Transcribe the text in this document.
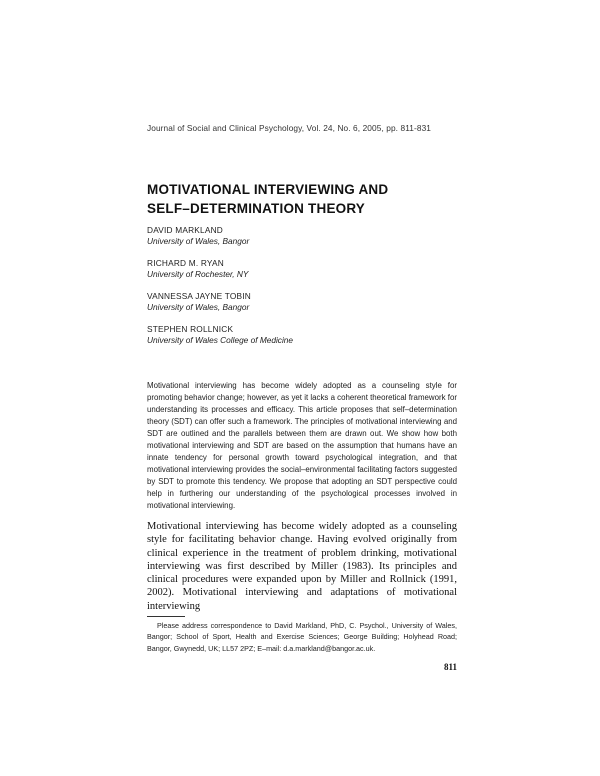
Journal of Social and Clinical Psychology, Vol. 24, No. 6, 2005, pp. 811-831
MOTIVATIONAL INTERVIEWING AND
SELF–DETERMINATION THEORY
DAVID MARKLAND
University of Wales, Bangor
RICHARD M. RYAN
University of Rochester, NY
VANNESSA JAYNE TOBIN
University of Wales, Bangor
STEPHEN ROLLNICK
University of Wales College of Medicine

Motivational interviewing has become widely adopted as a counseling style for promoting behavior change; however, as yet it lacks a coherent theoretical framework for understanding its processes and efficacy. This article proposes that self–determination theory (SDT) can offer such a framework. The principles of motivational interviewing and SDT are outlined and the parallels between them are drawn out. We show how both motivational interviewing and SDT are based on the assumption that humans have an innate tendency for personal growth toward psychological integration, and that motivational interviewing provides the social–environmental facilitating factors suggested by SDT to promote this tendency. We propose that adopting an SDT perspective could help in furthering our understanding of the psychological processes involved in motivational interviewing.

Motivational interviewing has become widely adopted as a counseling style for facilitating behavior change. Having evolved originally from clinical experience in the treatment of problem drinking, motivational interviewing was first described by Miller (1983). Its principles and clinical procedures were expanded upon by Miller and Rollnick (1991, 2002). Motivational interviewing and adaptations of motivational interviewing

Please address correspondence to David Markland, PhD, C. Psychol., University of Wales, Bangor; School of Sport, Health and Exercise Sciences; George Building; Holyhead Road; Bangor, Gwynedd, UK; LL57 2PZ; E–mail: d.a.markland@bangor.ac.uk.

811
